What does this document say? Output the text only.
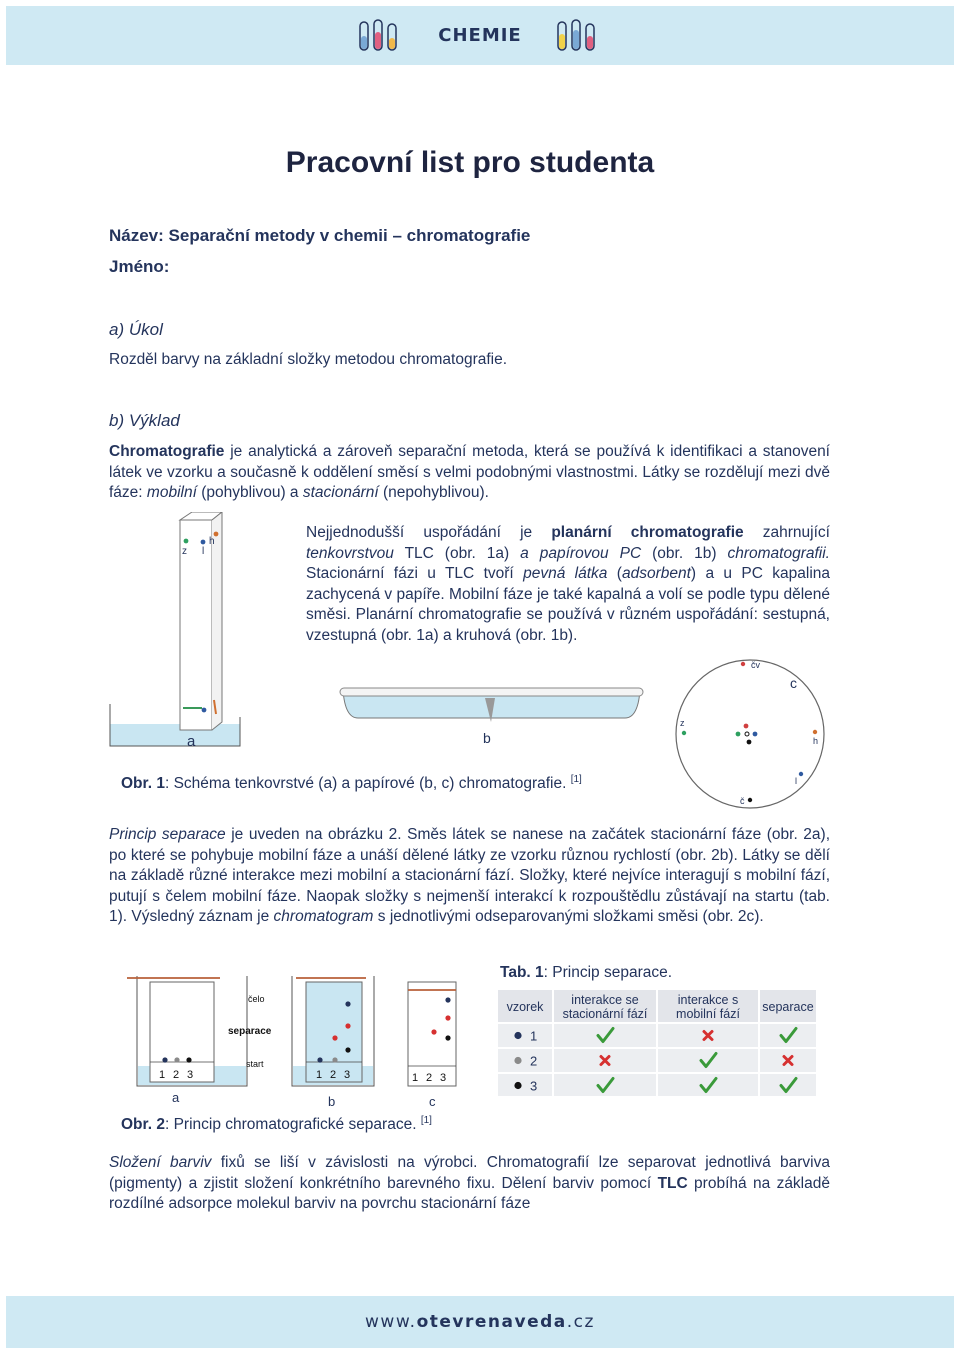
CHEMIE
Pracovní list pro studenta
Název: Separační metody v chemii – chromatografie
Jméno:
a) Úkol
Rozděl barvy na základní složky metodou chromatografie.
b) Výklad
Chromatografie je analytická a zároveň separační metoda, která se používá k identifikaci a stanovení látek ve vzorku a současně k oddělení směsí s velmi podobnými vlastnostmi. Látky se rozdělují mezi dvě fáze: mobilní (pohyblivou) a stacionární (nepohyblivou).
Nejjednodušší uspořádání je planární chromatografie zahrnující tenkovrstvou TLC (obr. 1a) a papírovou PC (obr. 1b) chromatografii. Stacionární fázi u TLC tvoří pevná látka (adsorbent) a u PC kapalina zachycená v papíře. Mobilní fáze je také kapalná a volí se podle typu dělené směsi. Planární chromatografie se používá v různém uspořádání: sestupná, vzestupná (obr. 1a) a kruhová (obr. 1b).
z
h
l
a	b
čv
c
z
h
l
č
Obr. 1: Schéma tenkovrstvé (a) a papírové (b, c) chromatografie. [1]
Princip separace je uveden na obrázku 2. Směs látek se nanese na začátek stacionární fáze (obr. 2a), po které se pohybuje mobilní fáze a unáší dělené látky ze vzorku různou rychlostí (obr. 2b). Látky se dělí na základě různé interakce mezi mobilní a stacionární fází. Složky, které nejvíce interagují s mobilní fází, putují s čelem mobilní fáze. Naopak složky s nejmenší interakcí k rozpouštědlu zůstávají na startu (tab. 1). Výsledný záznam je chromatogram s jednotlivými odseparovanými složkami směsi (obr. 2c).
1 2 3
čelo
separace
start
a
1 2 3
b
1 2 3
c
Obr. 2: Princip chromatografické separace. [1]
Tab. 1: Princip separace.
vzorek interakce se
stacionární fází
interakce s
mobilní fází separace
1
2
3
Složení barviv fixů se liší v závislosti na výrobci. Chromatografií lze separovat jednotlivá barviva (pigmenty) a zjistit složení konkrétního barevného fixu. Dělení barviv pomocí TLC probíhá na základě rozdílné adsorpce molekul barviv na povrchu stacionární fáze
www.otevrenaveda.cz
